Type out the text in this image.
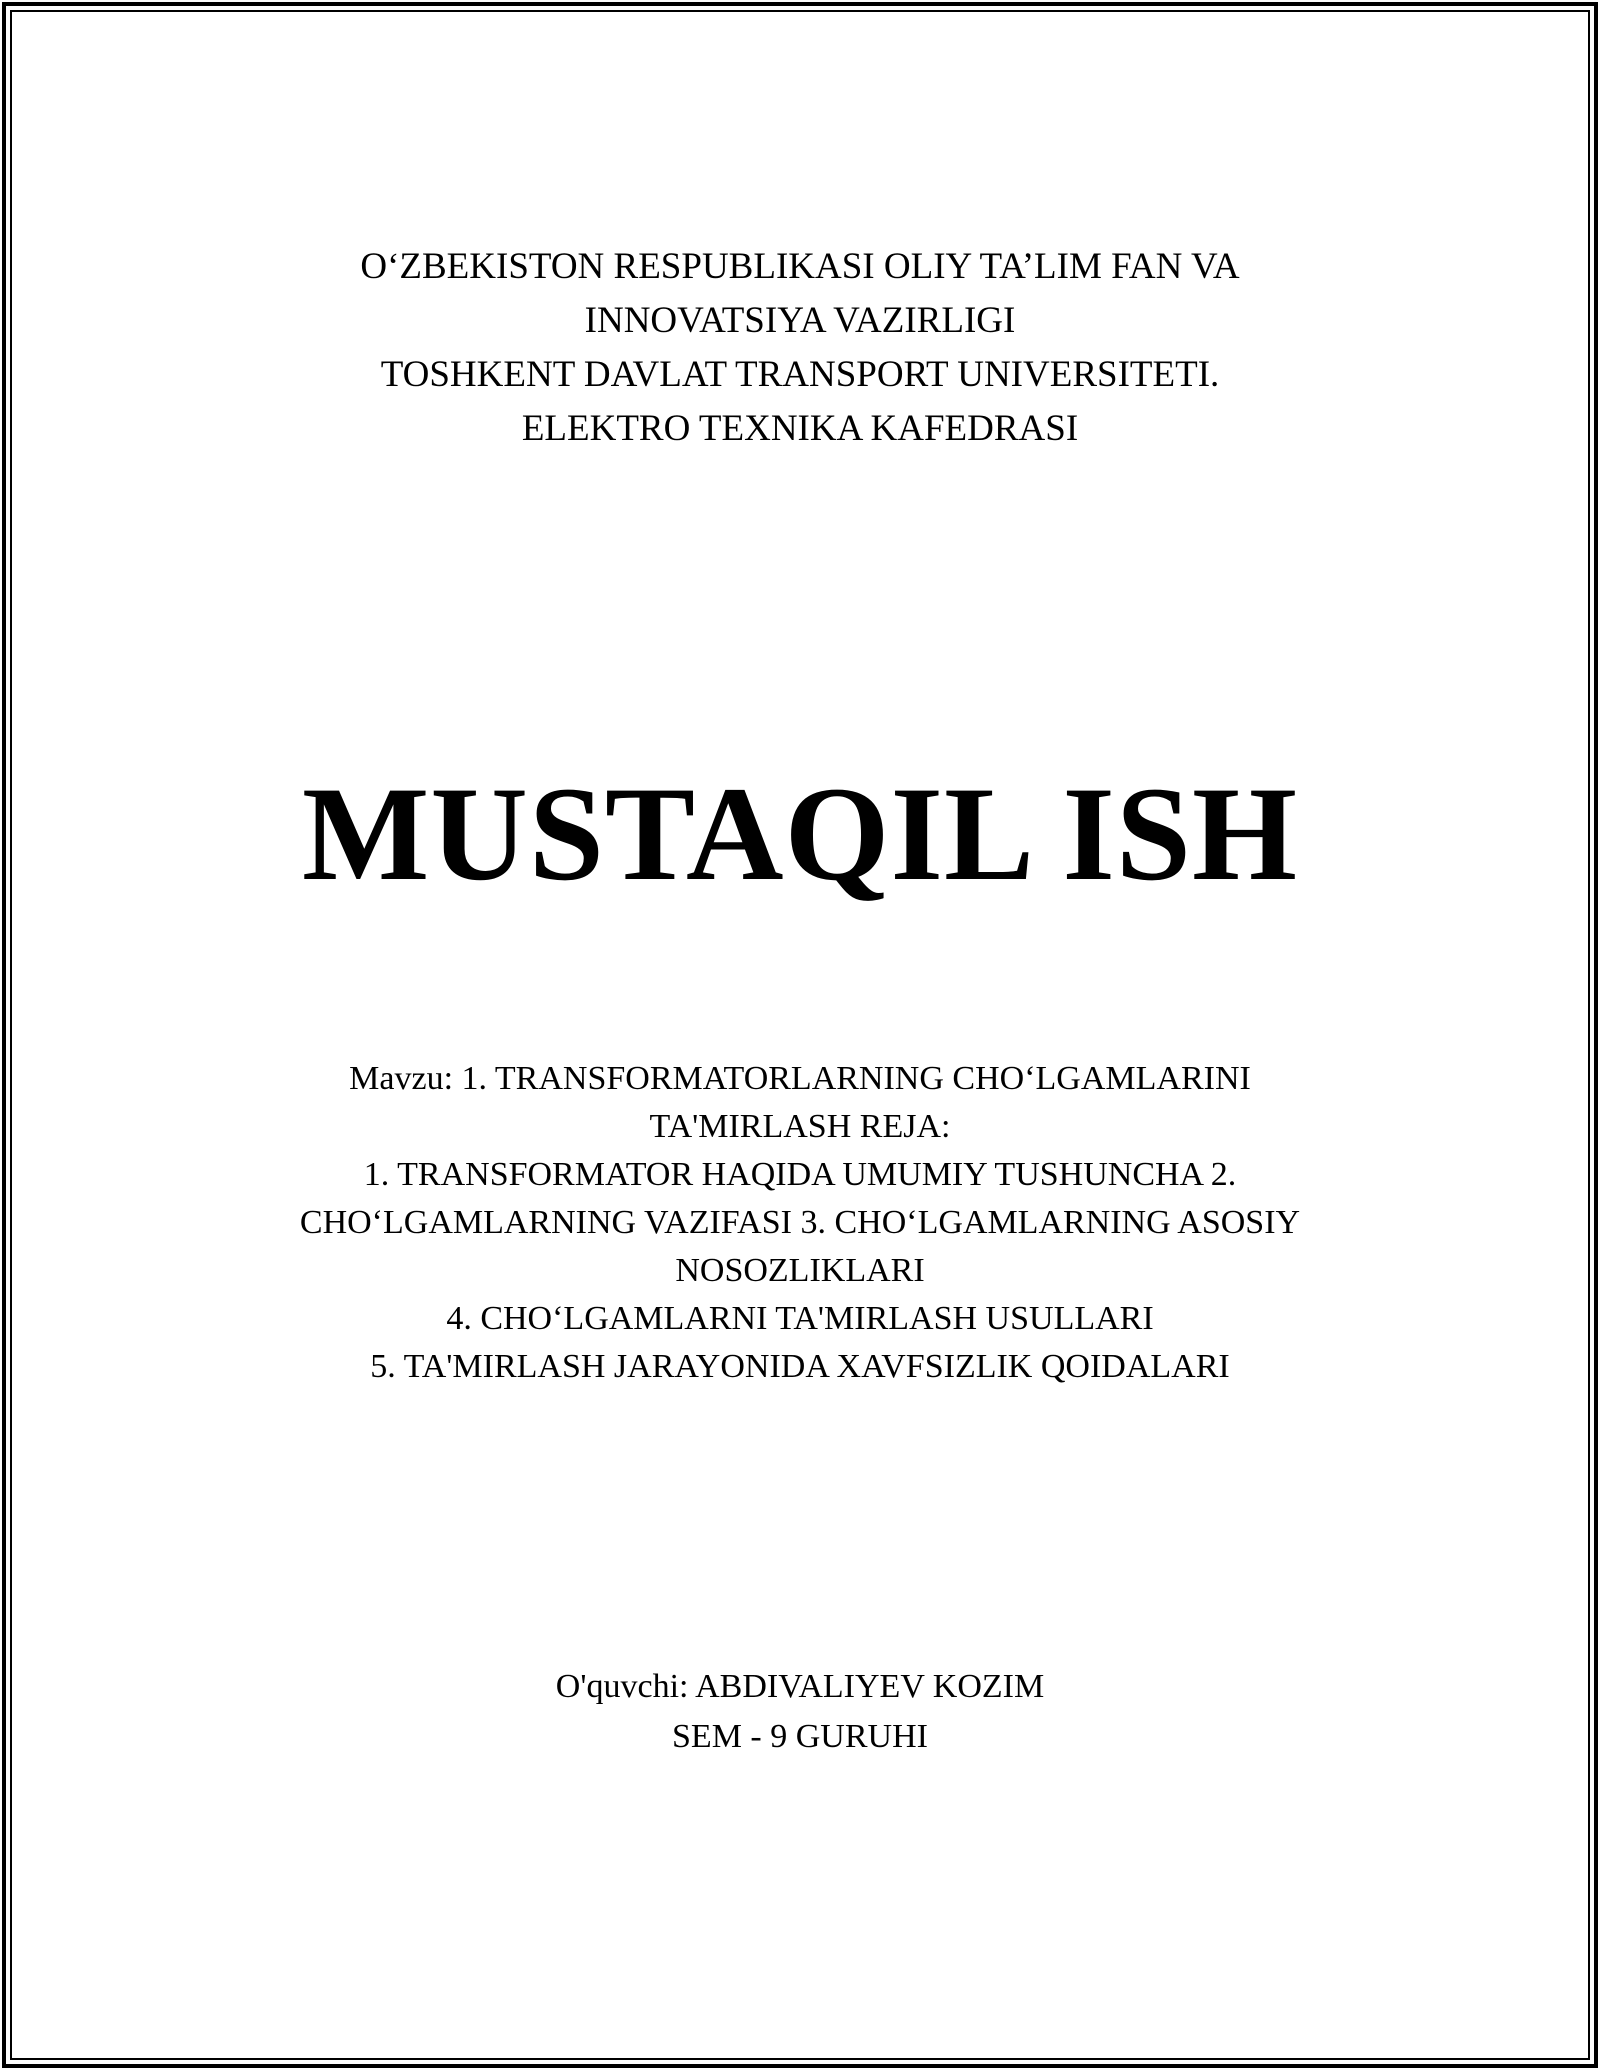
O‘ZBEKISTON RESPUBLIKASI OLIY TA’LIM FAN VA
INNOVATSIYA VAZIRLIGI
TOSHKENT DAVLAT TRANSPORT UNIVERSITETI.
ELEKTRO TEXNIKA KAFEDRASI
MUSTAQIL ISH
Mavzu: 1. TRANSFORMATORLARNING CHO‘LGAMLARINI
TA'MIRLASH REJA:
1. TRANSFORMATOR HAQIDA UMUMIY TUSHUNCHA 2.
CHO‘LGAMLARNING VAZIFASI 3. CHO‘LGAMLARNING ASOSIY
NOSOZLIKLARI
4. CHO‘LGAMLARNI TA'MIRLASH USULLARI
5. TA'MIRLASH JARAYONIDA XAVFSIZLIK QOIDALARI
O'quvchi: ABDIVALIYEV KOZIM
SEM - 9 GURUHI
